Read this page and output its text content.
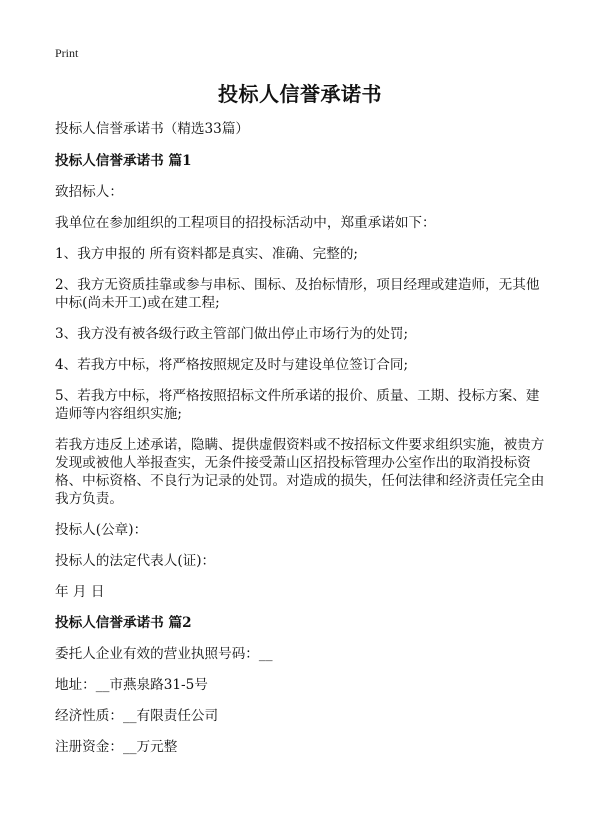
Print
投标人信誉承诺书

投标人信誉承诺书（精选33篇）

投标人信誉承诺书 篇1

致招标人：

我单位在参加组织的工程项目的招投标活动中，郑重承诺如下：

1、我方申报的 所有资料都是真实、准确、完整的;

2、我方无资质挂靠或参与串标、围标、及抬标情形，项目经理或建造师，无其他中标(尚未开工)或在建工程;

3、我方没有被各级行政主管部门做出停止市场行为的处罚;

4、若我方中标，将严格按照规定及时与建设单位签订合同;

5、若我方中标，将严格按照招标文件所承诺的报价、质量、工期、投标方案、建造师等内容组织实施;

若我方违反上述承诺，隐瞒、提供虚假资料或不按招标文件要求组织实施，被贵方发现或被他人举报查实，无条件接受萧山区招投标管理办公室作出的取消投标资格、中标资格、不良行为记录的处罚。对造成的损失，任何法律和经济责任完全由我方负责。

投标人(公章)：

投标人的法定代表人(证)：

年 月 日

投标人信誉承诺书 篇2

委托人企业有效的营业执照号码：__

地址：__市燕泉路31-5号

经济性质：__有限责任公司

注册资金：__万元整
